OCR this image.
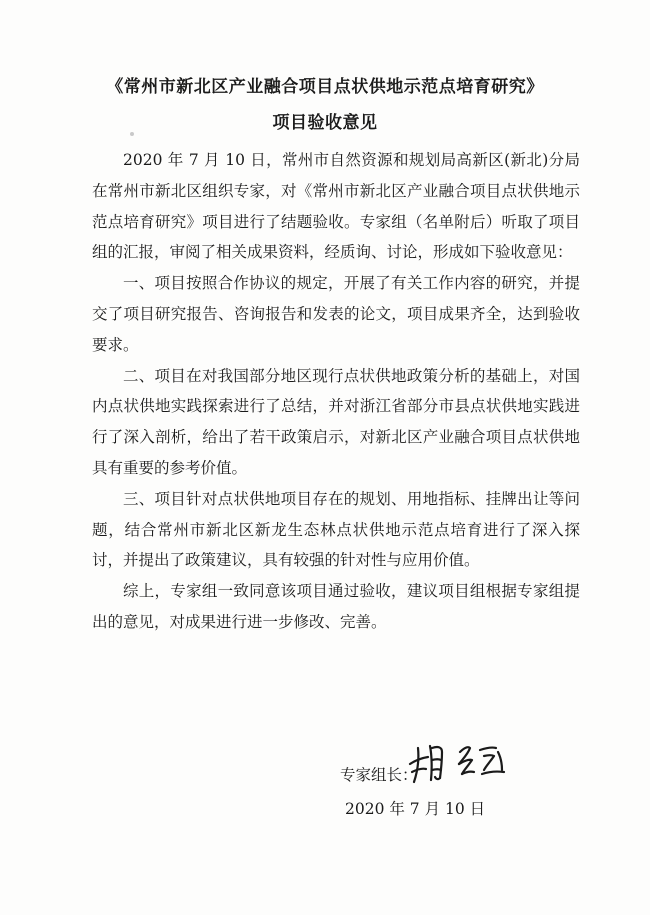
《常州市新北区产业融合项目点状供地示范点培育研究》
项目验收意见

2020 年 7 月 10 日，常州市自然资源和规划局高新区(新北)分局在常州市新北区组织专家，对《常州市新北区产业融合项目点状供地示范点培育研究》项目进行了结题验收。专家组（名单附后）听取了项目组的汇报，审阅了相关成果资料，经质询、讨论，形成如下验收意见：

一、项目按照合作协议的规定，开展了有关工作内容的研究，并提交了项目研究报告、咨询报告和发表的论文，项目成果齐全，达到验收要求。

二、项目在对我国部分地区现行点状供地政策分析的基础上，对国内点状供地实践探索进行了总结，并对浙江省部分市县点状供地实践进行了深入剖析，给出了若干政策启示，对新北区产业融合项目点状供地具有重要的参考价值。

三、项目针对点状供地项目存在的规划、用地指标、挂牌出让等问题，结合常州市新北区新龙生态林点状供地示范点培育进行了深入探讨，并提出了政策建议，具有较强的针对性与应用价值。

综上，专家组一致同意该项目通过验收，建议项目组根据专家组提出的意见，对成果进行进一步修改、完善。

专家组长：
2020 年 7 月 10 日
